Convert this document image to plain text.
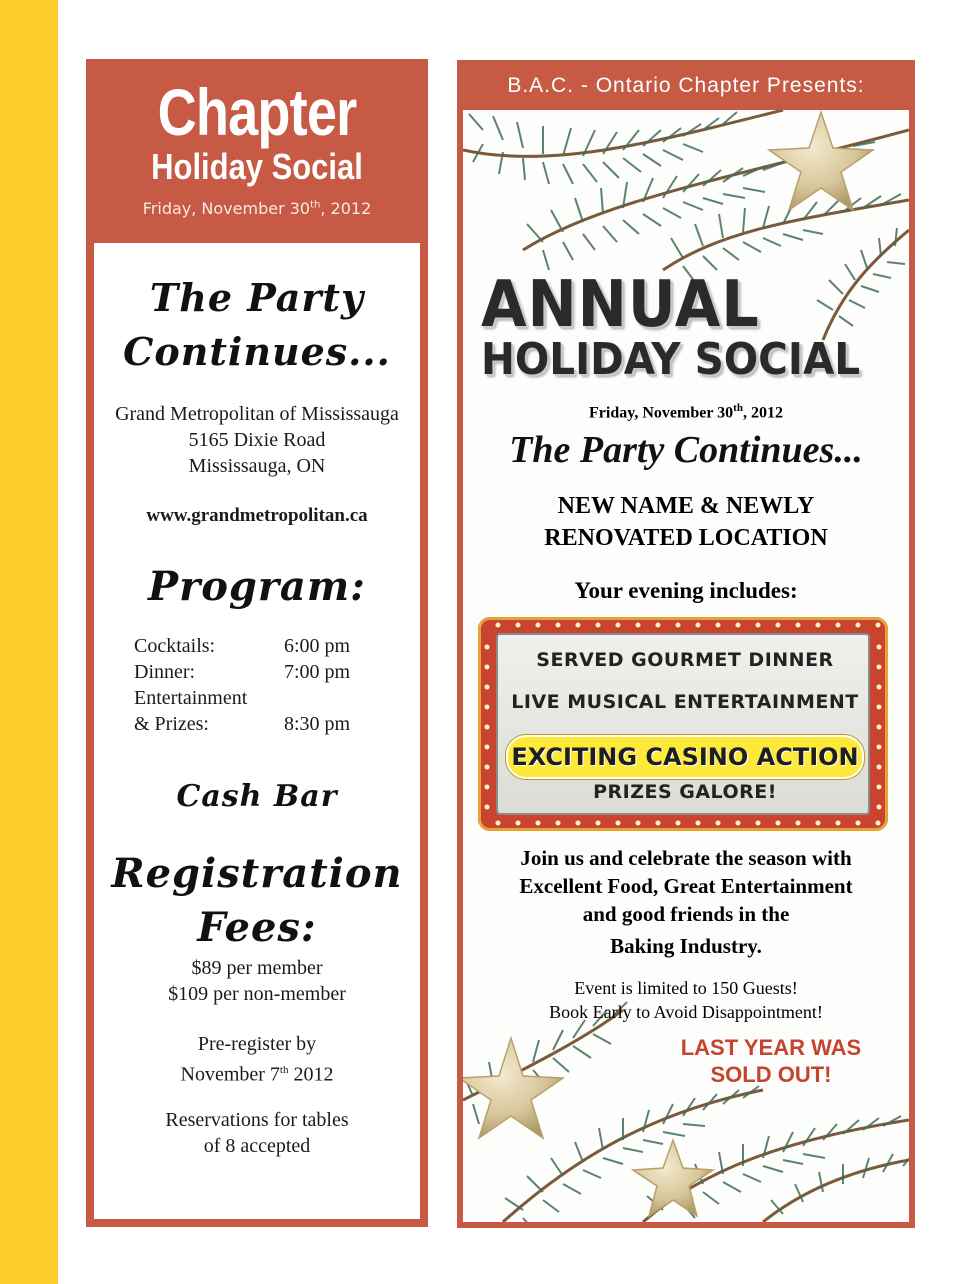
Chapter
Holiday Social
Friday, November 30th, 2012
The Party
Continues...
Grand Metropolitan of Mississauga
5165 Dixie Road
Mississauga, ON
www.grandmetropolitan.ca
Program:
Cocktails:	6:00 pm
Dinner:	7:00 pm
Entertainment
& Prizes:	8:30 pm
Cash Bar
Registration
Fees:
$89 per member
$109 per non-member
Pre-register by
November 7th 2012
Reservations for tables
of 8 accepted
B.A.C. - Ontario Chapter Presents:
ANNUAL
HOLIDAY SOCIAL
Friday, November 30th, 2012
The Party Continues...
NEW NAME & NEWLY
RENOVATED LOCATION
Your evening includes:
SERVED GOURMET DINNER
LIVE MUSICAL ENTERTAINMENT
EXCITING CASINO ACTION
PRIZES GALORE!
Join us and celebrate the season with
Excellent Food, Great Entertainment
and good friends in the
Baking Industry.
Event is limited to 150 Guests!
Book Early to Avoid Disappointment!
LAST YEAR WAS
SOLD OUT!
